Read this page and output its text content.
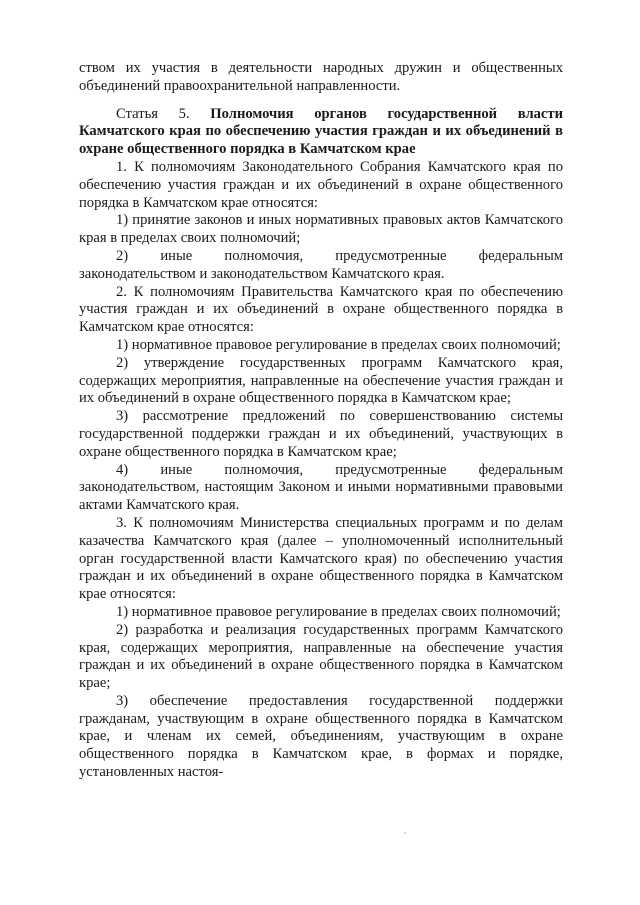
ством их участия в деятельности народных дружин и общественных объединений правоохранительной направленности.

Статья 5. Полномочия органов государственной власти Камчатского края по обеспечению участия граждан и их объединений в охране общественного порядка в Камчатском крае

1. К полномочиям Законодательного Собрания Камчатского края по обеспечению участия граждан и их объединений в охране общественного порядка в Камчатском крае относятся:

1) принятие законов и иных нормативных правовых актов Камчатского края в пределах своих полномочий;

2) иные полномочия, предусмотренные федеральным законодательством и законодательством Камчатского края.

2. К полномочиям Правительства Камчатского края по обеспечению участия граждан и их объединений в охране общественного порядка в Камчатском крае относятся:

1) нормативное правовое регулирование в пределах своих полномочий;

2) утверждение государственных программ Камчатского края, содержащих мероприятия, направленные на обеспечение участия граждан и их объединений в охране общественного порядка в Камчатском крае;

3) рассмотрение предложений по совершенствованию системы государственной поддержки граждан и их объединений, участвующих в охране общественного порядка в Камчатском крае;

4) иные полномочия, предусмотренные федеральным законодательством, настоящим Законом и иными нормативными правовыми актами Камчатского края.

3. К полномочиям Министерства специальных программ и по делам казачества Камчатского края (далее – уполномоченный исполнительный орган государственной власти Камчатского края) по обеспечению участия граждан и их объединений в охране общественного порядка в Камчатском крае относятся:

1) нормативное правовое регулирование в пределах своих полномочий;

2) разработка и реализация государственных программ Камчатского края, содержащих мероприятия, направленные на обеспечение участия граждан и их объединений в охране общественного порядка в Камчатском крае;

3) обеспечение предоставления государственной поддержки гражданам, участвующим в охране общественного порядка в Камчатском крае, и членам их семей, объединениям, участвующим в охране общественного порядка в Камчатском крае, в формах и порядке, установленных настоя-
